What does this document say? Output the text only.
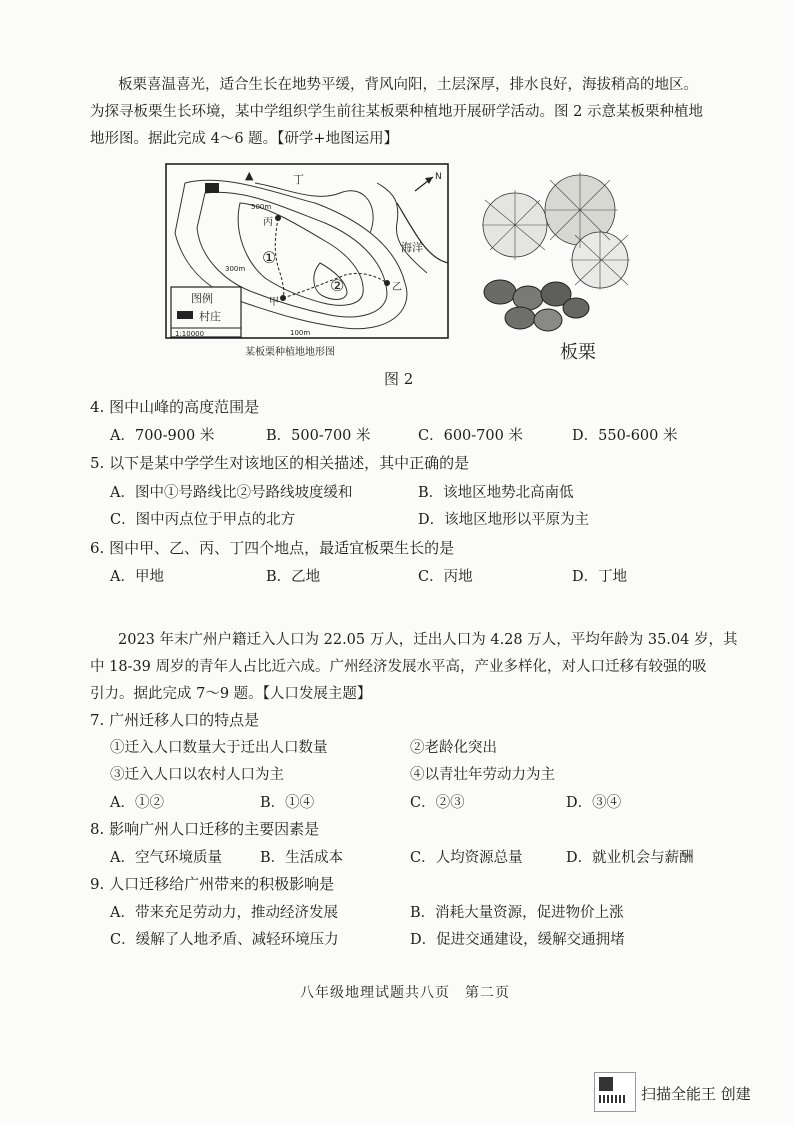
板栗喜温喜光，适合生长在地势平缓，背风向阳，土层深厚，排水良好，海拔稍高的地区。
为探寻板栗生长环境，某中学组织学生前往某板栗种植地开展研学活动。图 2 示意某板栗种植地
地形图。据此完成 4～6 题。【研学+地图运用】
▲	丁
丙
甲
乙
海洋
N
①
②
500m
300m
100m
图例
村庄
1:10000
某板栗种植地地形图	板栗
图 2
4. 图中山峰的高度范围是
A．700-900 米	B．500-700 米	C．600-700 米	D．550-600 米
5. 以下是某中学学生对该地区的相关描述，其中正确的是
A．图中①号路线比②号路线坡度缓和	B．该地区地势北高南低
C．图中丙点位于甲点的北方	D．该地区地形以平原为主
6. 图中甲、乙、丙、丁四个地点，最适宜板栗生长的是
A．甲地	B．乙地	C．丙地	D．丁地
2023 年末广州户籍迁入人口为 22.05 万人，迁出人口为 4.28 万人，平均年龄为 35.04 岁，其
中 18-39 周岁的青年人占比近六成。广州经济发展水平高，产业多样化，对人口迁移有较强的吸
引力。据此完成 7～9 题。【人口发展主题】
7. 广州迁移人口的特点是
①迁入人口数量大于迁出人口数量	②老龄化突出
③迁入人口以农村人口为主	④以青壮年劳动力为主
A．①②	B．①④	C．②③	D．③④
8. 影响广州人口迁移的主要因素是
A．空气环境质量	B．生活成本	C．人均资源总量	D．就业机会与薪酬
9. 人口迁移给广州带来的积极影响是
A．带来充足劳动力，推动经济发展	B．消耗大量资源，促进物价上涨
C．缓解了人地矛盾、减轻环境压力	D．促进交通建设，缓解交通拥堵
八年级地理试题共八页　第二页
扫描全能王 创建
